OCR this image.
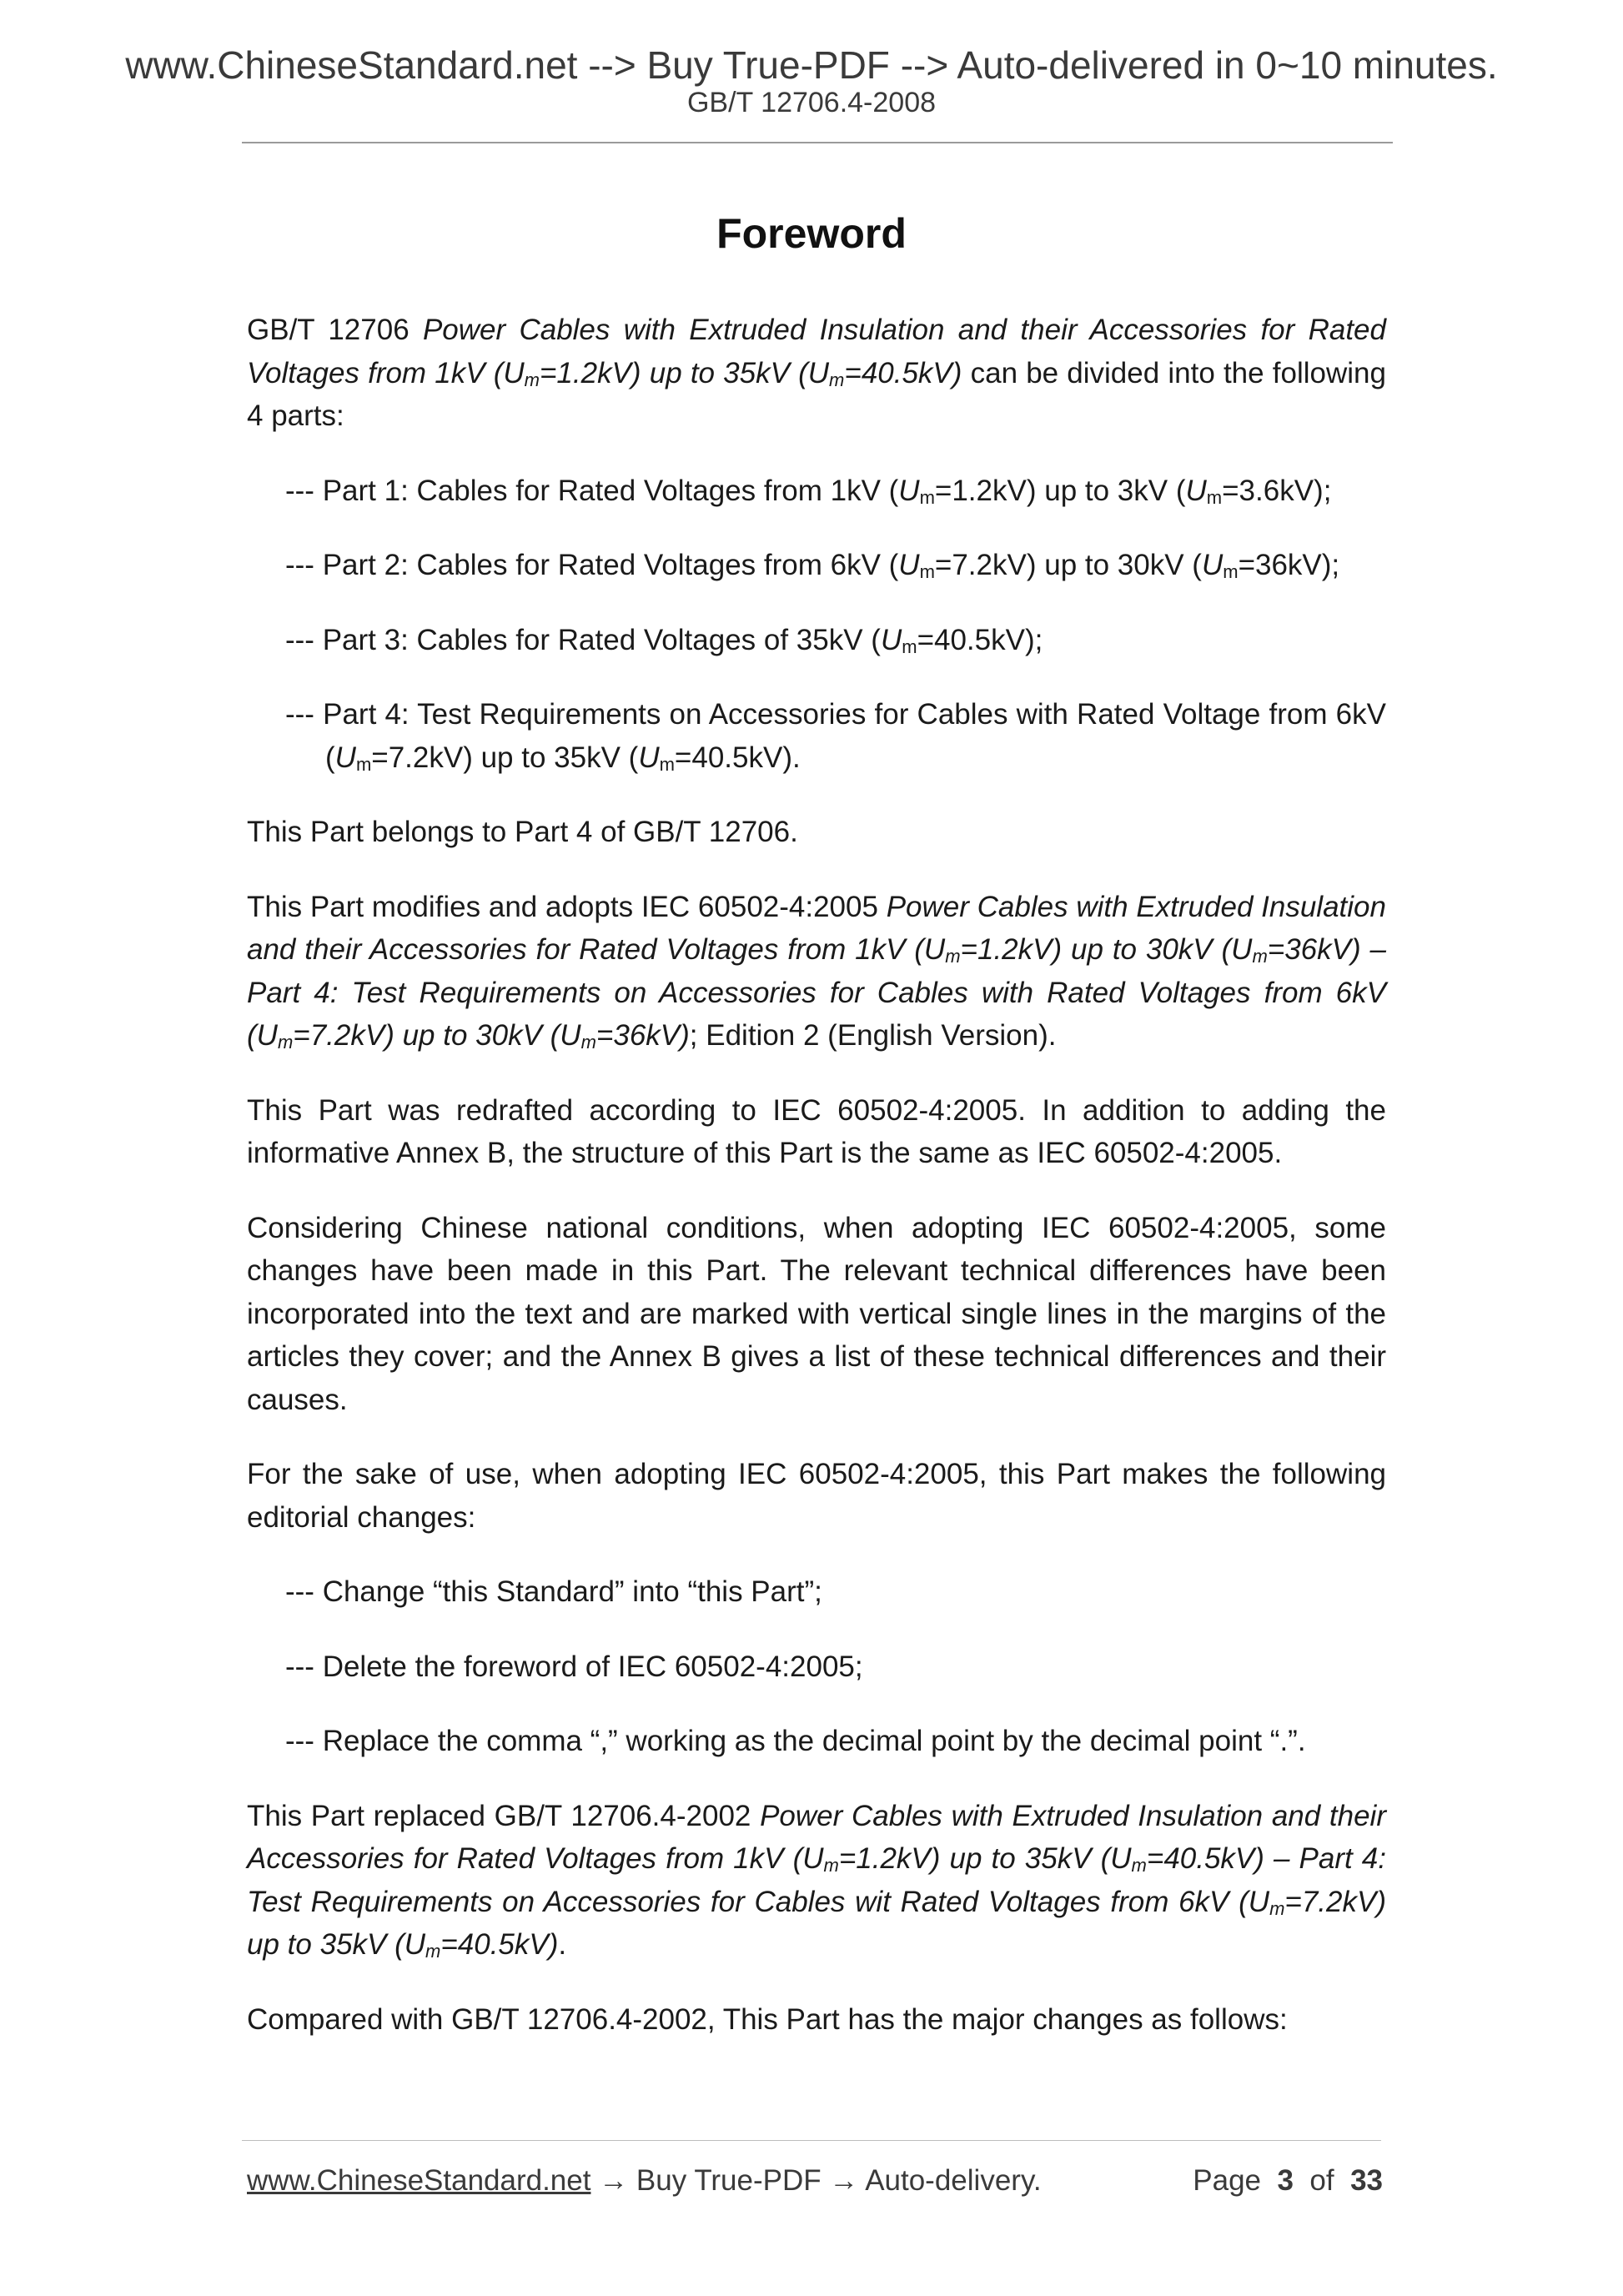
www.ChineseStandard.net --> Buy True-PDF --> Auto-delivered in 0~10 minutes.
GB/T 12706.4-2008
Foreword

GB/T 12706 Power Cables with Extruded Insulation and their Accessories for Rated Voltages from 1kV $(U_m=1.2kV)$ up to 35kV $(U_m=40.5kV)$ can be divided into the following 4 parts:

--- Part 1: Cables for Rated Voltages from 1kV $(U_m=1.2kV)$ up to 3kV $(U_m=3.6kV)$;

--- Part 2: Cables for Rated Voltages from 6kV $(U_m=7.2kV)$ up to 30kV $(U_m=36kV)$;

--- Part 3: Cables for Rated Voltages of 35kV $(U_m=40.5kV)$;

--- Part 4: Test Requirements on Accessories for Cables with Rated Voltage from 6kV $(U_m=7.2kV)$ up to 35kV $(U_m=40.5kV)$.

This Part belongs to Part 4 of GB/T 12706.

This Part modifies and adopts IEC 60502-4:2005 Power Cables with Extruded Insulation and their Accessories for Rated Voltages from 1kV $(U_m=1.2kV)$ up to 30kV $(U_m=36kV)$ – Part 4: Test Requirements on Accessories for Cables with Rated Voltages from 6kV $(U_m=7.2kV)$ up to 30kV $(U_m=36kV)$; Edition 2 (English Version).

This Part was redrafted according to IEC 60502-4:2005. In addition to adding the informative Annex B, the structure of this Part is the same as IEC 60502-4:2005.

Considering Chinese national conditions, when adopting IEC 60502-4:2005, some changes have been made in this Part. The relevant technical differences have been incorporated into the text and are marked with vertical single lines in the margins of the articles they cover; and the Annex B gives a list of these technical differences and their causes.

For the sake of use, when adopting IEC 60502-4:2005, this Part makes the following editorial changes:

--- Change “this Standard” into “this Part”;

--- Delete the foreword of IEC 60502-4:2005;

--- Replace the comma “,” working as the decimal point by the decimal point “.”.

This Part replaced GB/T 12706.4-2002 Power Cables with Extruded Insulation and their Accessories for Rated Voltages from 1kV $(U_m=1.2kV)$ up to 35kV $(U_m=40.5kV)$ – Part 4: Test Requirements on Accessories for Cables wit Rated Voltages from 6kV $(U_m=7.2kV)$ up to 35kV $(U_m=40.5kV)$.

Compared with GB/T 12706.4-2002, This Part has the major changes as follows:

www.ChineseStandard.net → Buy True-PDF → Auto-delivery.	Page 3 of 33
